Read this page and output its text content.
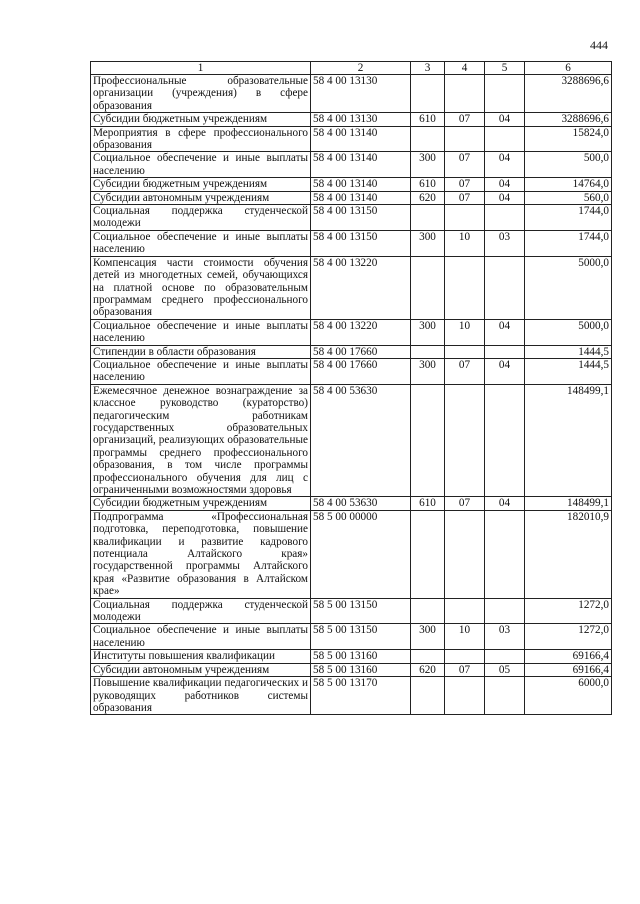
444
1	2	3	4	5	6
Профессиональные образовательные организации (учреждения) в сфере образования	58 4 00 13130				3288696,6
Субсидии бюджетным учреждениям	58 4 00 13130	610	07	04	3288696,6
Мероприятия в сфере профессионального образования	58 4 00 13140				15824,0
Социальное обеспечение и иные выплаты населению	58 4 00 13140	300	07	04	500,0
Субсидии бюджетным учреждениям	58 4 00 13140	610	07	04	14764,0
Субсидии автономным учреждениям	58 4 00 13140	620	07	04	560,0
Социальная поддержка студенческой молодежи	58 4 00 13150				1744,0
Социальное обеспечение и иные выплаты населению	58 4 00 13150	300	10	03	1744,0
Компенсация части стоимости обучения детей из многодетных семей, обучающихся на платной основе по образовательным программам среднего профессионального образования	58 4 00 13220				5000,0
Социальное обеспечение и иные выплаты населению	58 4 00 13220	300	10	04	5000,0
Стипендии в области образования	58 4 00 17660				1444,5
Социальное обеспечение и иные выплаты населению	58 4 00 17660	300	07	04	1444,5
Ежемесячное денежное вознаграждение за классное руководство (кураторство) педагогическим работникам государственных образовательных организаций, реализующих образовательные программы среднего профессионального образования, в том числе программы профессионального обучения для лиц с ограниченными возможностями здоровья	58 4 00 53630				148499,1
Субсидии бюджетным учреждениям	58 4 00 53630	610	07	04	148499,1
Подпрограмма «Профессиональная подготовка, переподготовка, повышение квалификации и развитие кадрового потенциала Алтайского края» государственной программы Алтайского края «Развитие образования в Алтайском крае»	58 5 00 00000				182010,9
Социальная поддержка студенческой молодежи	58 5 00 13150				1272,0
Социальное обеспечение и иные выплаты населению	58 5 00 13150	300	10	03	1272,0
Институты повышения квалификации	58 5 00 13160				69166,4
Субсидии автономным учреждениям	58 5 00 13160	620	07	05	69166,4
Повышение квалификации педагогических и руководящих работников системы образования	58 5 00 13170				6000,0
